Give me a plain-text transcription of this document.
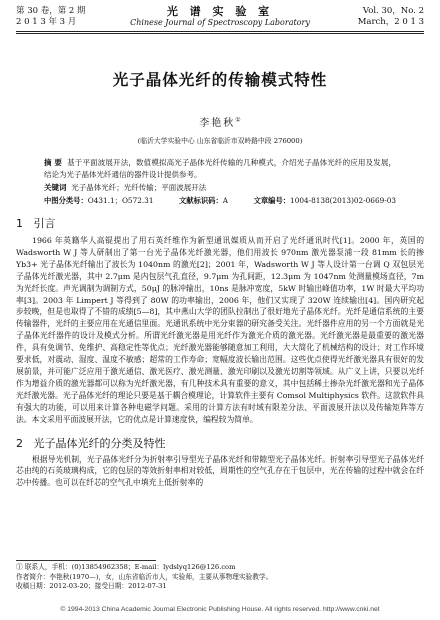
第 30 卷，第 2 期
2 0 1 3 年 3 月
光 谱 实 验 室
Chinese Journal of Spectroscopy Laboratory
Vol. 30，No. 2
March，2 0 1 3
光子晶体光纤的传输模式特性
李艳秋①
(临沂大学实验中心 山东省临沂市双岭路中段 276000)
摘 要 基于平面波展开法，数值模拟高光子晶体光纤传输的几种模式，介绍光子晶体光纤的应用及发展，结论为光子晶体光纤通信的器件设计提供参考。
关键词 光子晶体光纤；光纤传输；平面波展开法
中图分类号：O431.1；O572.31	文献标识码：A	文章编号：1004-8138(2013)02-0669-03
1 引言
1966 年英籍华人高锟提出了用石英纤维作为新型通讯媒质从而开启了光纤通讯时代[1]。2000 年，英国的 Wadsworth W J 等人研制出了第一台光子晶体光纤激光器，他们用波长 970nm 激光器泵浦一段 81mm 长的掺 Yb3+ 光子晶体光纤输出了波长为 1040nm 的激光[2]；2001 年，Wadsworth W J 等人设计第一台调 Q 双包层光子晶体光纤激光器，其中 2.7μm 是内包层气孔直径，9.7μm 为孔间距，12.3μm 为 1047nm 处测量模场直径，7m 为光纤长度。声光调制为调制方式，50μJ 的脉冲输出，10ns 是脉冲宽度，5kW 时输出峰值功率，1W 时最大平均功率[3]。2003 年 Limpert J 等得到了 80W 的功率输出，2006 年，他们又实现了 320W 连续输出[4]。国内研究起步较晚，但是也取得了不错的成绩[5—8]，其中燕山大学的团队拉制出了很好地光子晶体光纤。光纤是通信系统的主要传输器件，光纤的主要应用在光通信里面。光通讯系统中光分束器的研究备受关注。光纤器件应用的另一个方面就是光子晶体光纤器件的设计及模式分析。所谓光纤激光器是用光纤作为激光介质的激光器。光纤激光器是最重要的激光器件，具有免调节、免维护、高稳定性等优点；光纤激光器能够随意加工利用，大大简化了机械结构的设计；对工作环境要求低，对震动、湿度、温度不敏感；超常的工作寿命；宽幅度波长输出范围。这些优点使得光纤激光器具有很好的发展前景，并可能广泛应用于激光通信、激光医疗、激光测量、激光印刷以及激光切割等领域。从广义上讲，只要以光纤作为增益介质的激光器都可以称为光纤激光器，有几种技术具有重要的意义，其中包括稀土掺杂光纤激光器和光子晶体光纤激光器。光子晶体光纤的理论只要是基于耦合模理论，计算软件主要有 Comsol Multiphysics 软件。这款软件具有强大的功能，可以用来计算各种电磁学问题。采用的计算方法有时域有限差分法、平面波展开法以及传输矩阵等方法。本文采用平面波展开法，它的优点是计算速度快，编程较为简单。
2 光子晶体光纤的分类及特性
根据导光机制，光子晶体光纤分为折射率引导型光子晶体光纤和带隙型光子晶体光纤。折射率引导型光子晶体光纤芯由纯的石英玻璃构成，它的包层的等效折射率相对较低，周期性的空气孔存在于包层中，光在传输的过程中就会在纤芯中传播。也可以在纤芯的空气孔中填充上低折射率的
① 联系人，手机：(0)13854962358；E-mail：lydslyq126@126.com
作者简介：李艳秋(1970—)，女，山东省临沂市人，实验师，主要从事物理实验教学。
收稿日期：2012-03-20；接受日期：2012-07-31
© 1994-2013 China Academic Journal Electronic Publishing House. All rights reserved. http://www.cnki.net
